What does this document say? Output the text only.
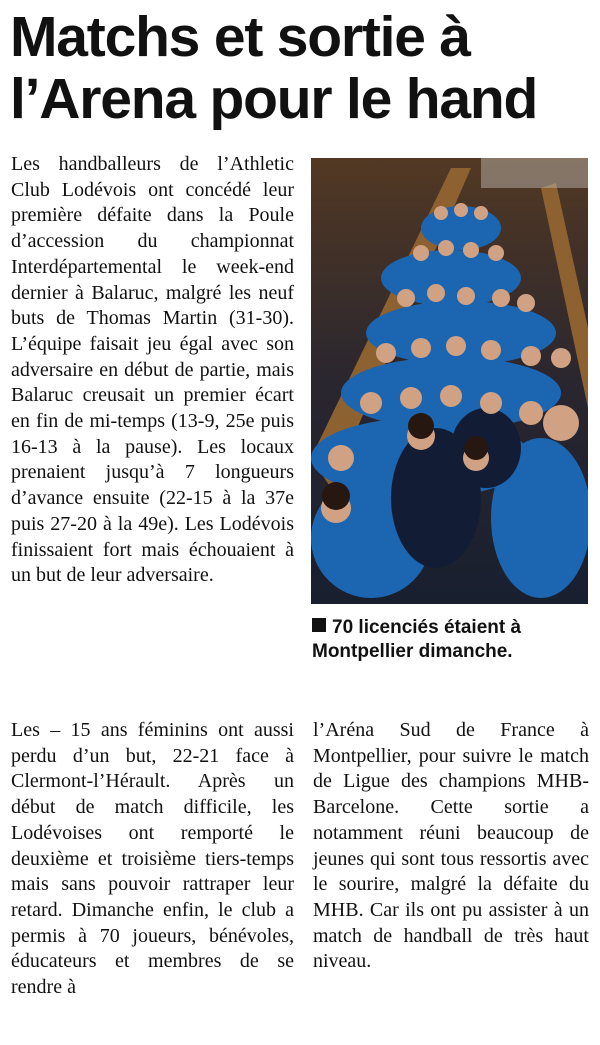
Matchs et sortie à
l’Arena pour le hand

Les handballeurs de l’Athletic Club Lodévois ont concédé leur première défaite dans la Poule d’accession du championnat Interdépartemental le week-end dernier à Balaruc, malgré les neuf buts de Thomas Martin (31-30). L’équipe faisait jeu égal avec son adversaire en début de partie, mais Balaruc creusait un premier écart en fin de mi-temps (13-9, 25e puis 16-13 à la pause). Les locaux prenaient jusqu’à 7 longueurs d’avance ensuite (22-15 à la 37e puis 27-20 à la 49e). Les Lodévois finissaient fort mais échouaient à un but de leur adversaire.

70 licenciés étaient à Montpellier dimanche.

Les – 15 ans féminins ont aussi perdu d’un but, 22-21 face à Clermont-l’Hérault. Après un début de match difficile, les Lodévoises ont remporté le deuxième et troisième tiers-temps mais sans pouvoir rattraper leur retard. Dimanche enfin, le club a permis à 70 joueurs, bénévoles, éducateurs et membres de se rendre à

l’Aréna Sud de France à Montpellier, pour suivre le match de Ligue des champions MHB-Barcelone. Cette sortie a notamment réuni beaucoup de jeunes qui sont tous ressortis avec le sourire, malgré la défaite du MHB. Car ils ont pu assister à un match de handball de très haut niveau.
